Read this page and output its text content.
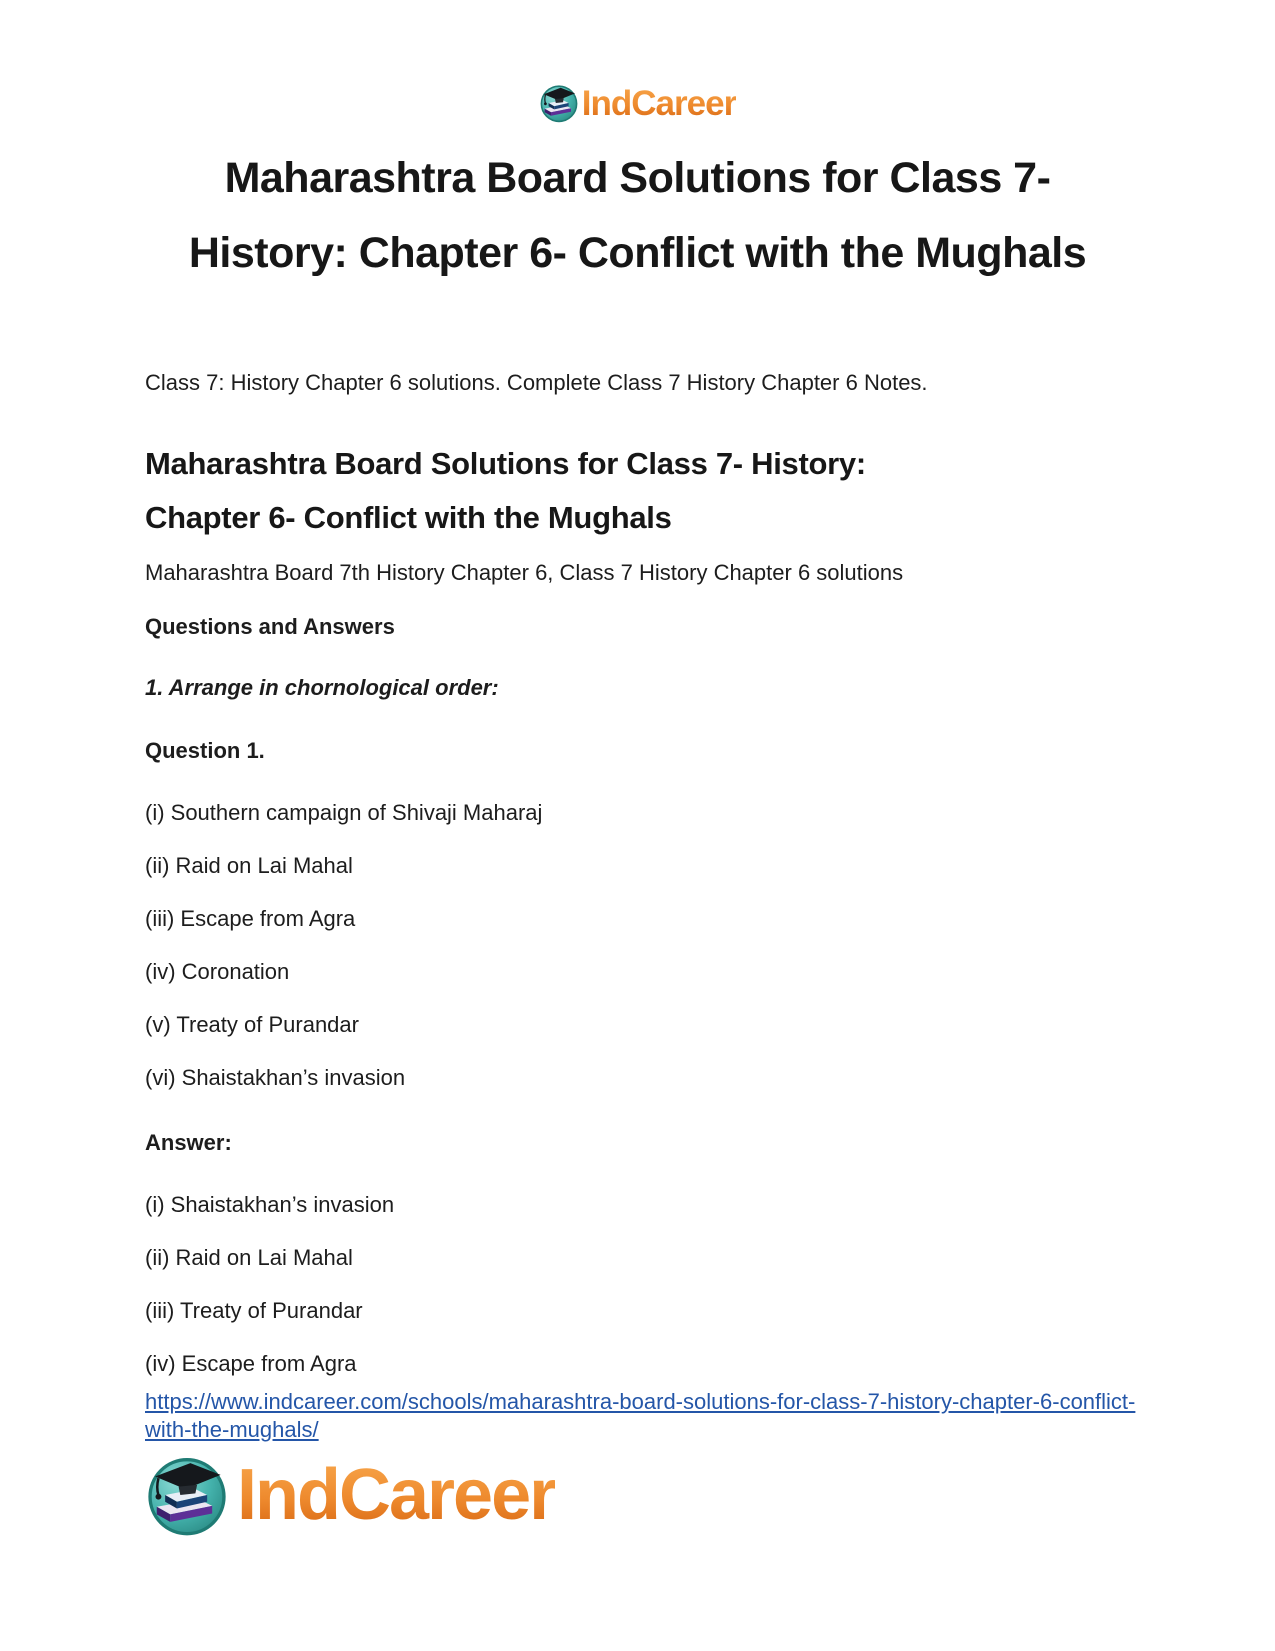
IndCareer
Maharashtra Board Solutions for Class 7-
History: Chapter 6- Conflict with the Mughals

Class 7: History Chapter 6 solutions. Complete Class 7 History Chapter 6 Notes.

Maharashtra Board Solutions for Class 7- History:
Chapter 6- Conflict with the Mughals

Maharashtra Board 7th History Chapter 6, Class 7 History Chapter 6 solutions

Questions and Answers

1. Arrange in chornological order:

Question 1.

(i) Southern campaign of Shivaji Maharaj

(ii) Raid on Lai Mahal

(iii) Escape from Agra

(iv) Coronation

(v) Treaty of Purandar

(vi) Shaistakhan’s invasion

Answer:

(i) Shaistakhan’s invasion

(ii) Raid on Lai Mahal

(iii) Treaty of Purandar

(iv) Escape from Agra

https://www.indcareer.com/schools/maharashtra-board-solutions-for-class-7-history-chapter-6-conflict-with-the-mughals/

IndCareer
